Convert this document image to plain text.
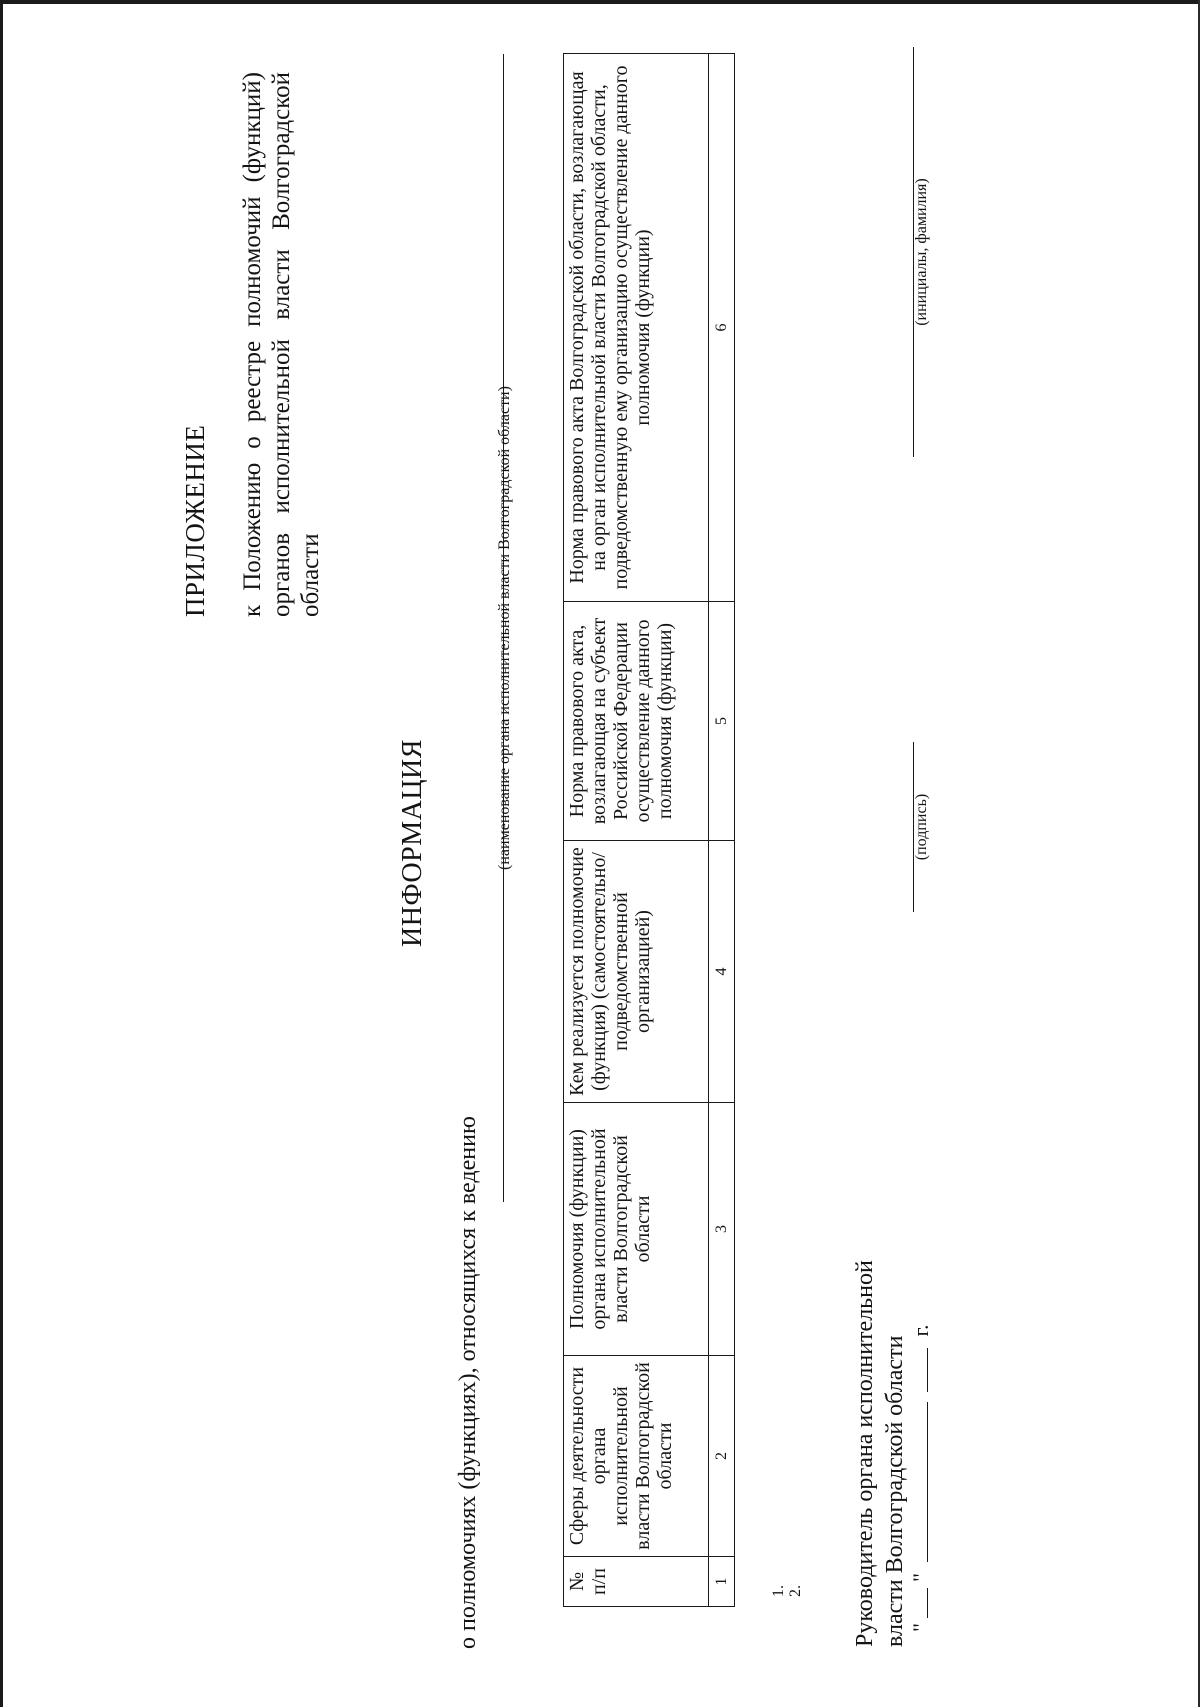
ПРИЛОЖЕНИЕ к Положению о реестре полномочий (функций) органов исполнительной власти Волгоградской области
ИНФОРМАЦИЯ
о полномочиях (функциях), относящихся к ведению
(наименование органа исполнительной власти Волгоградской области)
№ п/п	Сферы деятельности органа исполнительной власти Волгоградской области	Полномочия (функции) органа исполнительной власти Волгоградской области	Кем реализуется полномочие (функция) (самостоятельно/ подведомственной организацией)	Норма правового акта, возлагающая на субъект Российской Федерации осуществление данного полномочия (функции)	Норма правового акта Волгоградской области, возлагающая на орган исполнительной власти Волгоградской области, подведомственную ему организацию осуществление данного полномочия (функции)
1	2	3	4	5	6
1. 2. Руководитель органа исполнительной власти Волгоградской области "  "   г.
(подпись)
(инициалы, фамилия)
